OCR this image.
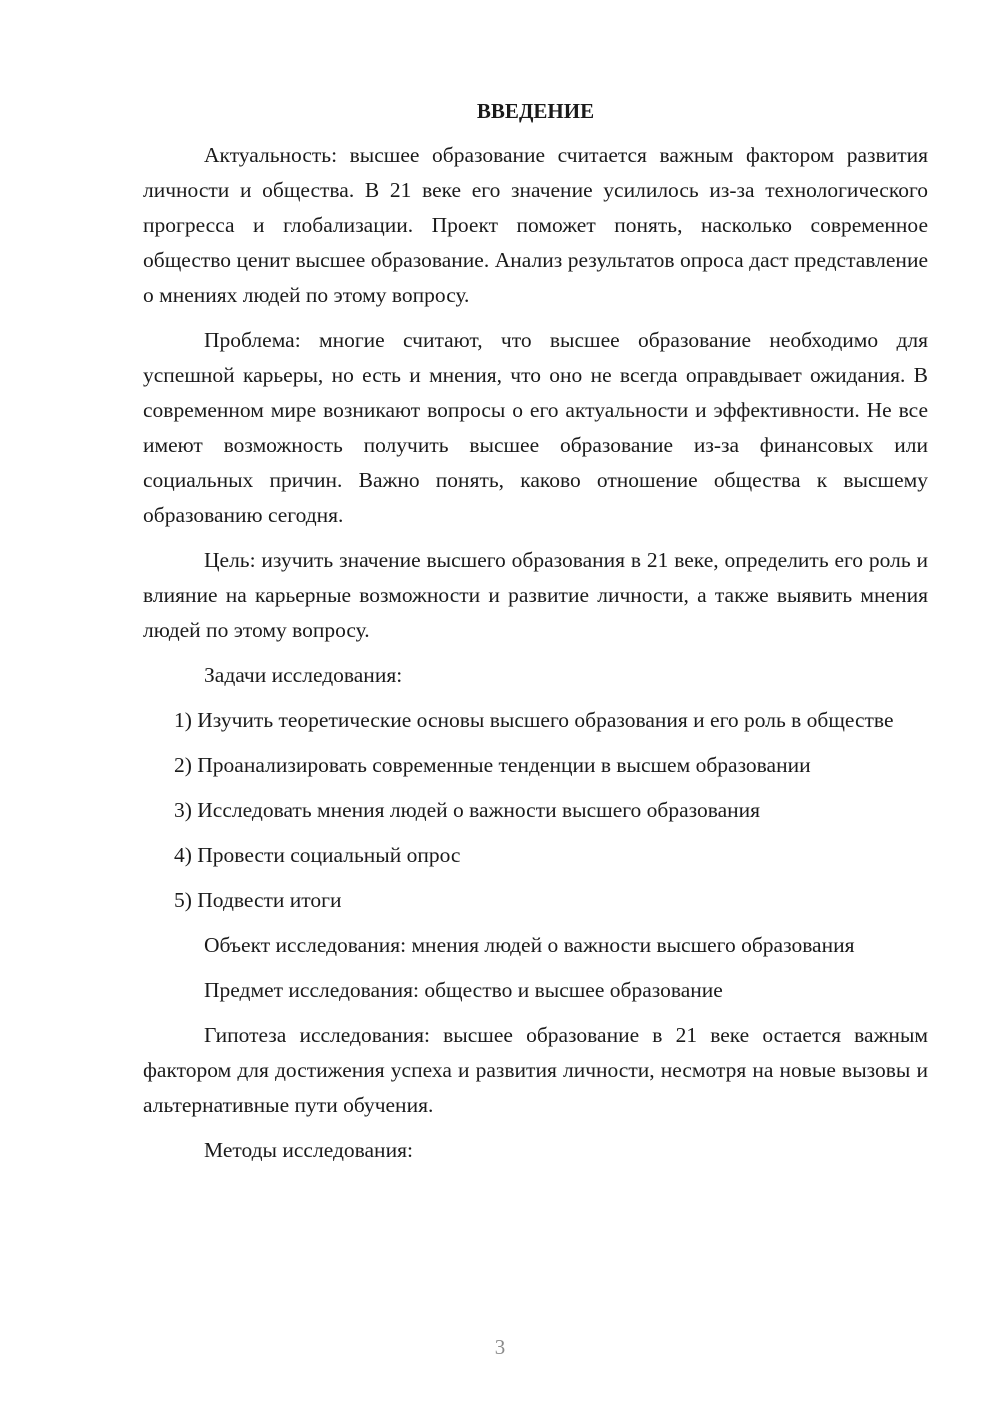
ВВЕДЕНИЕ

Актуальность: высшее образование считается важным фактором развития личности и общества. В 21 веке его значение усилилось из-за технологического прогресса и глобализации. Проект поможет понять, насколько современное общество ценит высшее образование. Анализ результатов опроса даст представление о мнениях людей по этому вопросу.

Проблема: многие считают, что высшее образование необходимо для успешной карьеры, но есть и мнения, что оно не всегда оправдывает ожидания. В современном мире возникают вопросы о его актуальности и эффективности. Не все имеют возможность получить высшее образование из-за финансовых или социальных причин. Важно понять, каково отношение общества к высшему образованию сегодня.

Цель: изучить значение высшего образования в 21 веке, определить его роль и влияние на карьерные возможности и развитие личности, а также выявить мнения людей по этому вопросу.

Задачи исследования:

1) Изучить теоретические основы высшего образования и его роль в обществе

2) Проанализировать современные тенденции в высшем образовании

3) Исследовать мнения людей о важности высшего образования

4) Провести социальный опрос

5) Подвести итоги

Объект исследования: мнения людей о важности высшего образования

Предмет исследования: общество и высшее образование

Гипотеза исследования: высшее образование в 21 веке остается важным фактором для достижения успеха и развития личности, несмотря на новые вызовы и альтернативные пути обучения.

Методы исследования:

3
